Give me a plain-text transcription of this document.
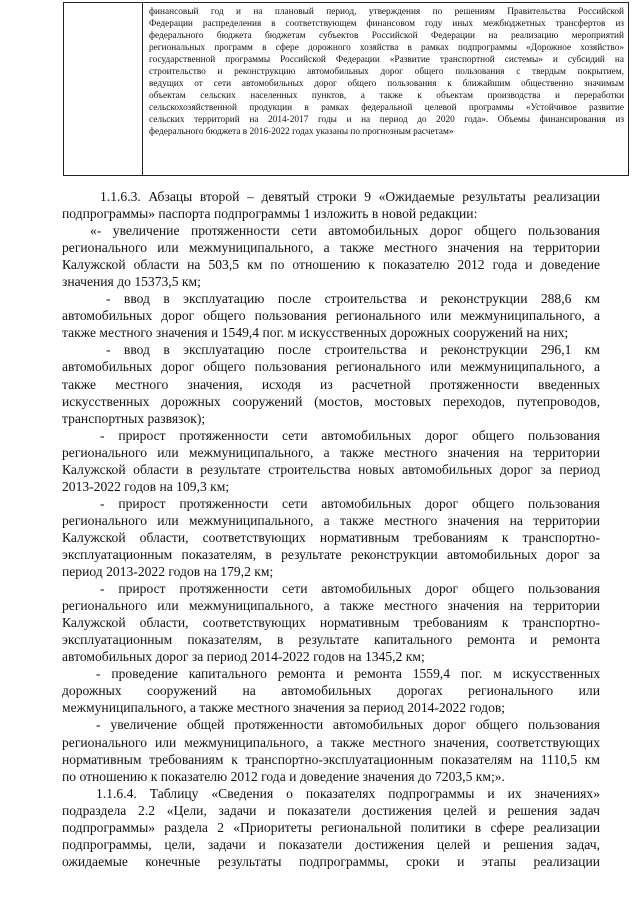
финансовый год и на плановый период, утверждения по решениям Правительства Российской

Федерации распределения в соответствующем финансовом году иных межбюджетных трансфертов из

федерального бюджета бюджетам субъектов Российской Федерации на реализацию мероприятий

региональных программ в сфере дорожного хозяйства в рамках подпрограммы «Дорожное хозяйство»

государственной программы Российской Федерации «Развитие транспортной системы» и субсидий на

строительство и реконструкцию автомобильных дорог общего пользования с твердым покрытием,

ведущих от сети автомобильных дорог общего пользования к ближайшим общественно значимым

объектам сельских населенных пунктов, а также к объектам производства и переработки

сельскохозяйственной продукции в рамках федеральной целевой программы «Устойчивое развитие

сельских территорий на 2014-2017 годы и на период до 2020 года». Объемы финансирования из

федерального бюджета в 2016-2022 годах указаны по прогнозным расчетам»

1.1.6.3. Абзацы второй – девятый строки 9 «Ожидаемые результаты реализации
подпрограммы» паспорта подпрограммы 1 изложить в новой редакции:
«- увеличение протяженности сети автомобильных дорог общего пользования
регионального или межмуниципального, а также местного значения на территории
Калужской области на 503,5 км по отношению к показателю 2012 года и доведение
значения до 15373,5 км;
- ввод в эксплуатацию после строительства и реконструкции 288,6 км
автомобильных дорог общего пользования регионального или межмуниципального, а
также местного значения и 1549,4 пог. м искусственных дорожных сооружений на них;
- ввод в эксплуатацию после строительства и реконструкции 296,1 км
автомобильных дорог общего пользования регионального или межмуниципального, а
также местного значения, исходя из расчетной протяженности введенных
искусственных дорожных сооружений (мостов, мостовых переходов, путепроводов,
транспортных развязок);
- прирост протяженности сети автомобильных дорог общего пользования
регионального или межмуниципального, а также местного значения на территории
Калужской области в результате строительства новых автомобильных дорог за период
2013-2022 годов на 109,3 км;
- прирост протяженности сети автомобильных дорог общего пользования
регионального или межмуниципального, а также местного значения на территории
Калужской области, соответствующих нормативным требованиям к транспортно-
эксплуатационным показателям, в результате реконструкции автомобильных дорог за
период 2013-2022 годов на 179,2 км;
- прирост протяженности сети автомобильных дорог общего пользования
регионального или межмуниципального, а также местного значения на территории
Калужской области, соответствующих нормативным требованиям к транспортно-
эксплуатационным показателям, в результате капитального ремонта и ремонта
автомобильных дорог за период 2014-2022 годов на 1345,2 км;
- проведение капитального ремонта и ремонта 1559,4 пог. м искусственных
дорожных сооружений на автомобильных дорогах регионального или
межмуниципального, а также местного значения за период 2014-2022 годов;
- увеличение общей протяженности автомобильных дорог общего пользования
регионального или межмуниципального, а также местного значения, соответствующих
нормативным требованиям к транспортно-эксплуатационным показателям на 1110,5 км
по отношению к показателю 2012 года и доведение значения до 7203,5 км;».
1.1.6.4. Таблицу «Сведения о показателях подпрограммы и их значениях»
подраздела 2.2 «Цели, задачи и показатели достижения целей и решения задач
подпрограммы» раздела 2 «Приоритеты региональной политики в сфере реализации
подпрограммы, цели, задачи и показатели достижения целей и решения задач,
ожидаемые конечные результаты подпрограммы, сроки и этапы реализации
